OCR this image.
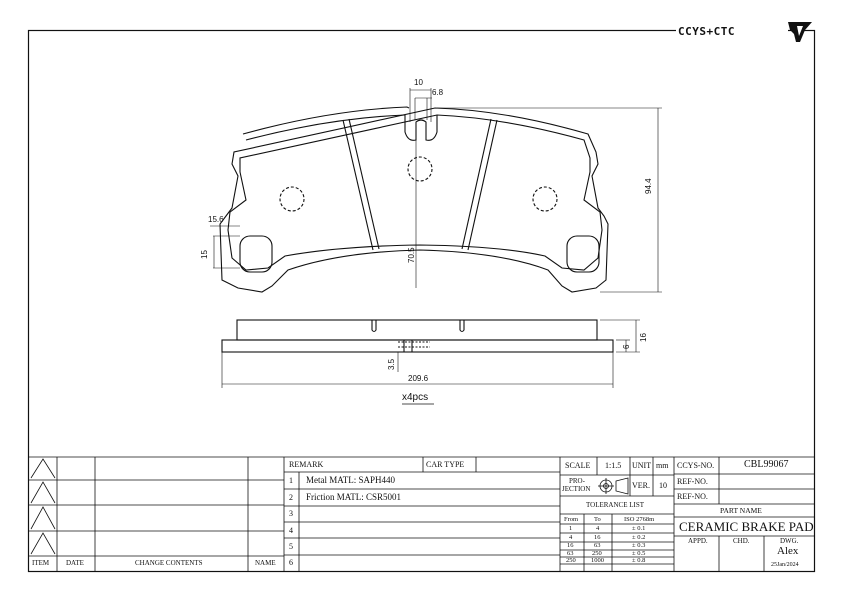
CCYS+CTC
10
6.8
94.4
15.6
15	70.5
16
6
3.5
209.6
x4pcs
ITEM DATE	CHANGE CONTENTS	NAME
REMARK	CAR TYPE
1 Metal MATL: SAPH440
2 Friction MATL: CSR5001
3
4
5
6
SCALE 1:1.5 UNIT mm
PRO-
JECTION	VER. 10
TOLERANCE LIST
From To	ISO 2768m
1	4	± 0.1
4	16	± 0.2
16	63	± 0.3
63	250	± 0.5
250 1000	± 0.8
CCYS-NO.	CBL99067
REF-NO.
REF-NO.
PART NAME
CERAMIC BRAKE PAD
APPD.	CHD.	DWG.
Alex
25Jan/2024
